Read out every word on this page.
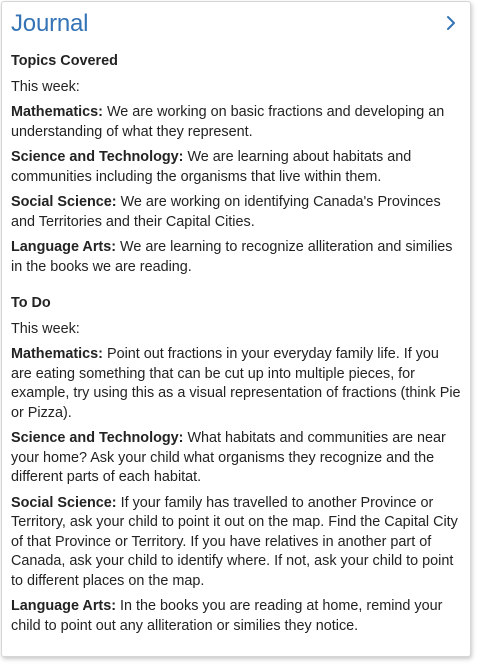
Journal
Topics Covered
This week:
Mathematics: We are working on basic fractions and developing an understanding of what they represent.
Science and Technology: We are learning about habitats and communities including the organisms that live within them.
Social Science: We are working on identifying Canada's Provinces and Territories and their Capital Cities.
Language Arts: We are learning to recognize alliteration and similies in the books we are reading.
To Do
This week:
Mathematics: Point out fractions in your everyday family life. If you are eating something that can be cut up into multiple pieces, for example, try using this as a visual representation of fractions (think Pie or Pizza).
Science and Technology: What habitats and communities are near your home? Ask your child what organisms they recognize and the different parts of each habitat.
Social Science: If your family has travelled to another Province or Territory, ask your child to point it out on the map. Find the Capital City of that Province or Territory. If you have relatives in another part of Canada, ask your child to identify where. If not, ask your child to point to different places on the map.
Language Arts: In the books you are reading at home, remind your child to point out any alliteration or similies they notice.
